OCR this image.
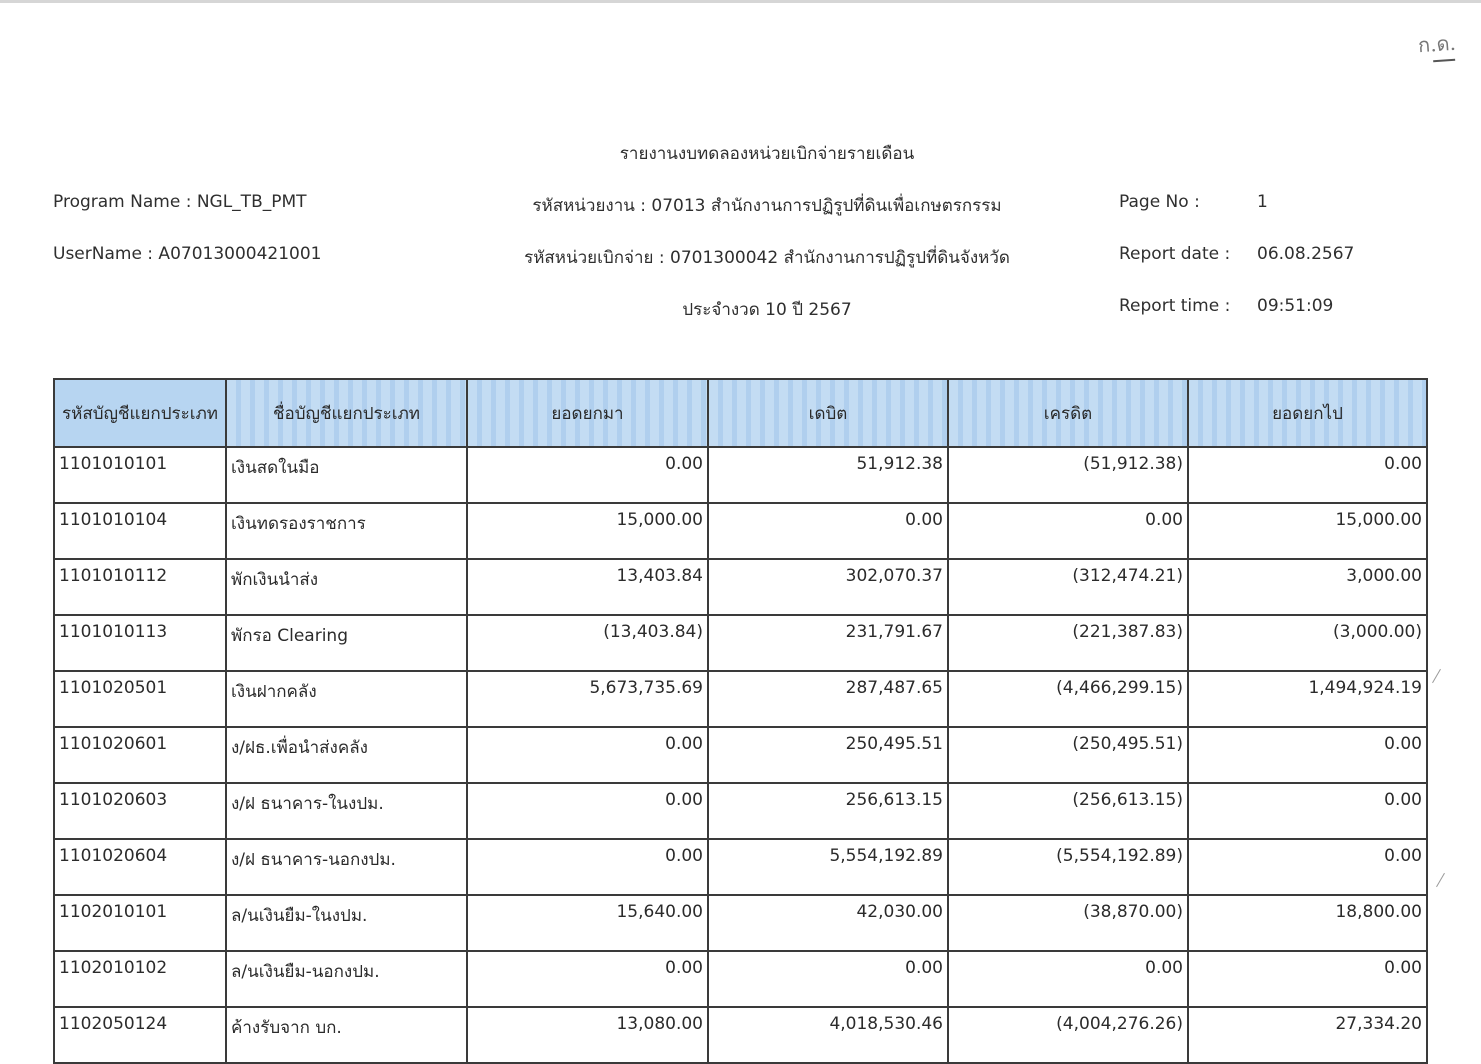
ก.ด.
รายงานงบทดลองหน่วยเบิกจ่ายรายเดือน
Program Name : NGL_TB_PMT
UserName : A07013000421001
รหัสหน่วยงาน : 07013 สำนักงานการปฏิรูปที่ดินเพื่อเกษตรกรรม
รหัสหน่วยเบิกจ่าย : 0701300042 สำนักงานการปฏิรูปที่ดินจังหวัด
ประจำงวด 10 ปี 2567
Page No :	1
Report date : 06.08.2567
Report time : 09:51:09
รหัสบัญชีแยกประเภท	ชื่อบัญชีแยกประเภท	ยอดยกมา	เดบิต	เครดิต	ยอดยกไป
1101010101	เงินสดในมือ	0.00	51,912.38	(51,912.38)	0.00
1101010104	เงินทดรองราชการ	15,000.00	0.00	0.00	15,000.00
1101010112	พักเงินนำส่ง	13,403.84	302,070.37	(312,474.21)	3,000.00
1101010113	พักรอ Clearing	(13,403.84)	231,791.67	(221,387.83)	(3,000.00)
1101020501	เงินฝากคลัง	5,673,735.69	287,487.65	(4,466,299.15)	1,494,924.19
1101020601	ง/ฝธ.เพื่อนำส่งคลัง	0.00	250,495.51	(250,495.51)	0.00
1101020603	ง/ฝ ธนาคาร-ในงปม.	0.00	256,613.15	(256,613.15)	0.00
1101020604	ง/ฝ ธนาคาร-นอกงปม.	0.00	5,554,192.89	(5,554,192.89)	0.00
1102010101	ล/นเงินยืม-ในงปม.	15,640.00	42,030.00	(38,870.00)	18,800.00
1102010102	ล/นเงินยืม-นอกงปม.	0.00	0.00	0.00	0.00
1102050124	ค้างรับจาก บก.	13,080.00	4,018,530.46	(4,004,276.26)	27,334.20
